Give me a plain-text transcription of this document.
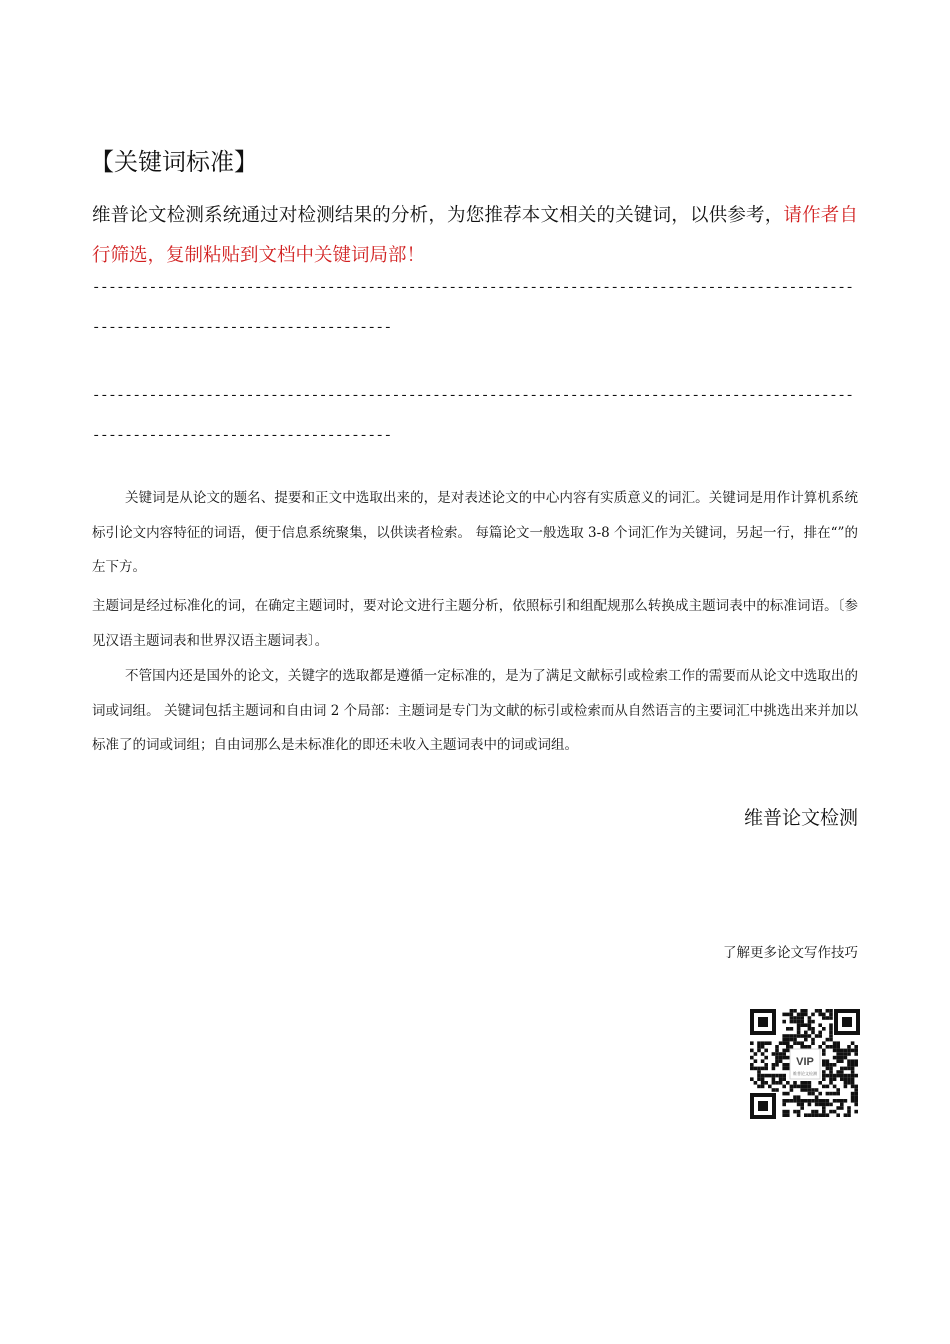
【关键词标准】
维普论文检测系统通过对检测结果的分析，为您推荐本文相关的关键词，以供参考，请作者自行筛选，复制粘贴到文档中关键词局部！
-----------------------------------------------------------------------------------------------------------------------------------
-----------------------------------------------------------------------------------------------------------------------------------
关键词是从论文的题名、提要和正文中选取出来的，是对表述论文的中心内容有实质意义的词汇。关键词是用作计算机系统标引论文内容特征的词语，便于信息系统聚集，以供读者检索。 每篇论文一般选取 3-8 个词汇作为关键词，另起一行，排在“”的左下方。
主题词是经过标准化的词，在确定主题词时，要对论文进行主题分析，依照标引和组配规那么转换成主题词表中的标准词语。〔参见汉语主题词表和世界汉语主题词表〕。
不管国内还是国外的论文，关键字的选取都是遵循一定标准的，是为了满足文献标引或检索工作的需要而从论文中选取出的词或词组。 关键词包括主题词和自由词 2 个局部：主题词是专门为文献的标引或检索而从自然语言的主要词汇中挑选出来并加以标准了的词或词组；自由词那么是未标准化的即还未收入主题词表中的词或词组。
维普论文检测
了解更多论文写作技巧
VIP
维普论文检测
